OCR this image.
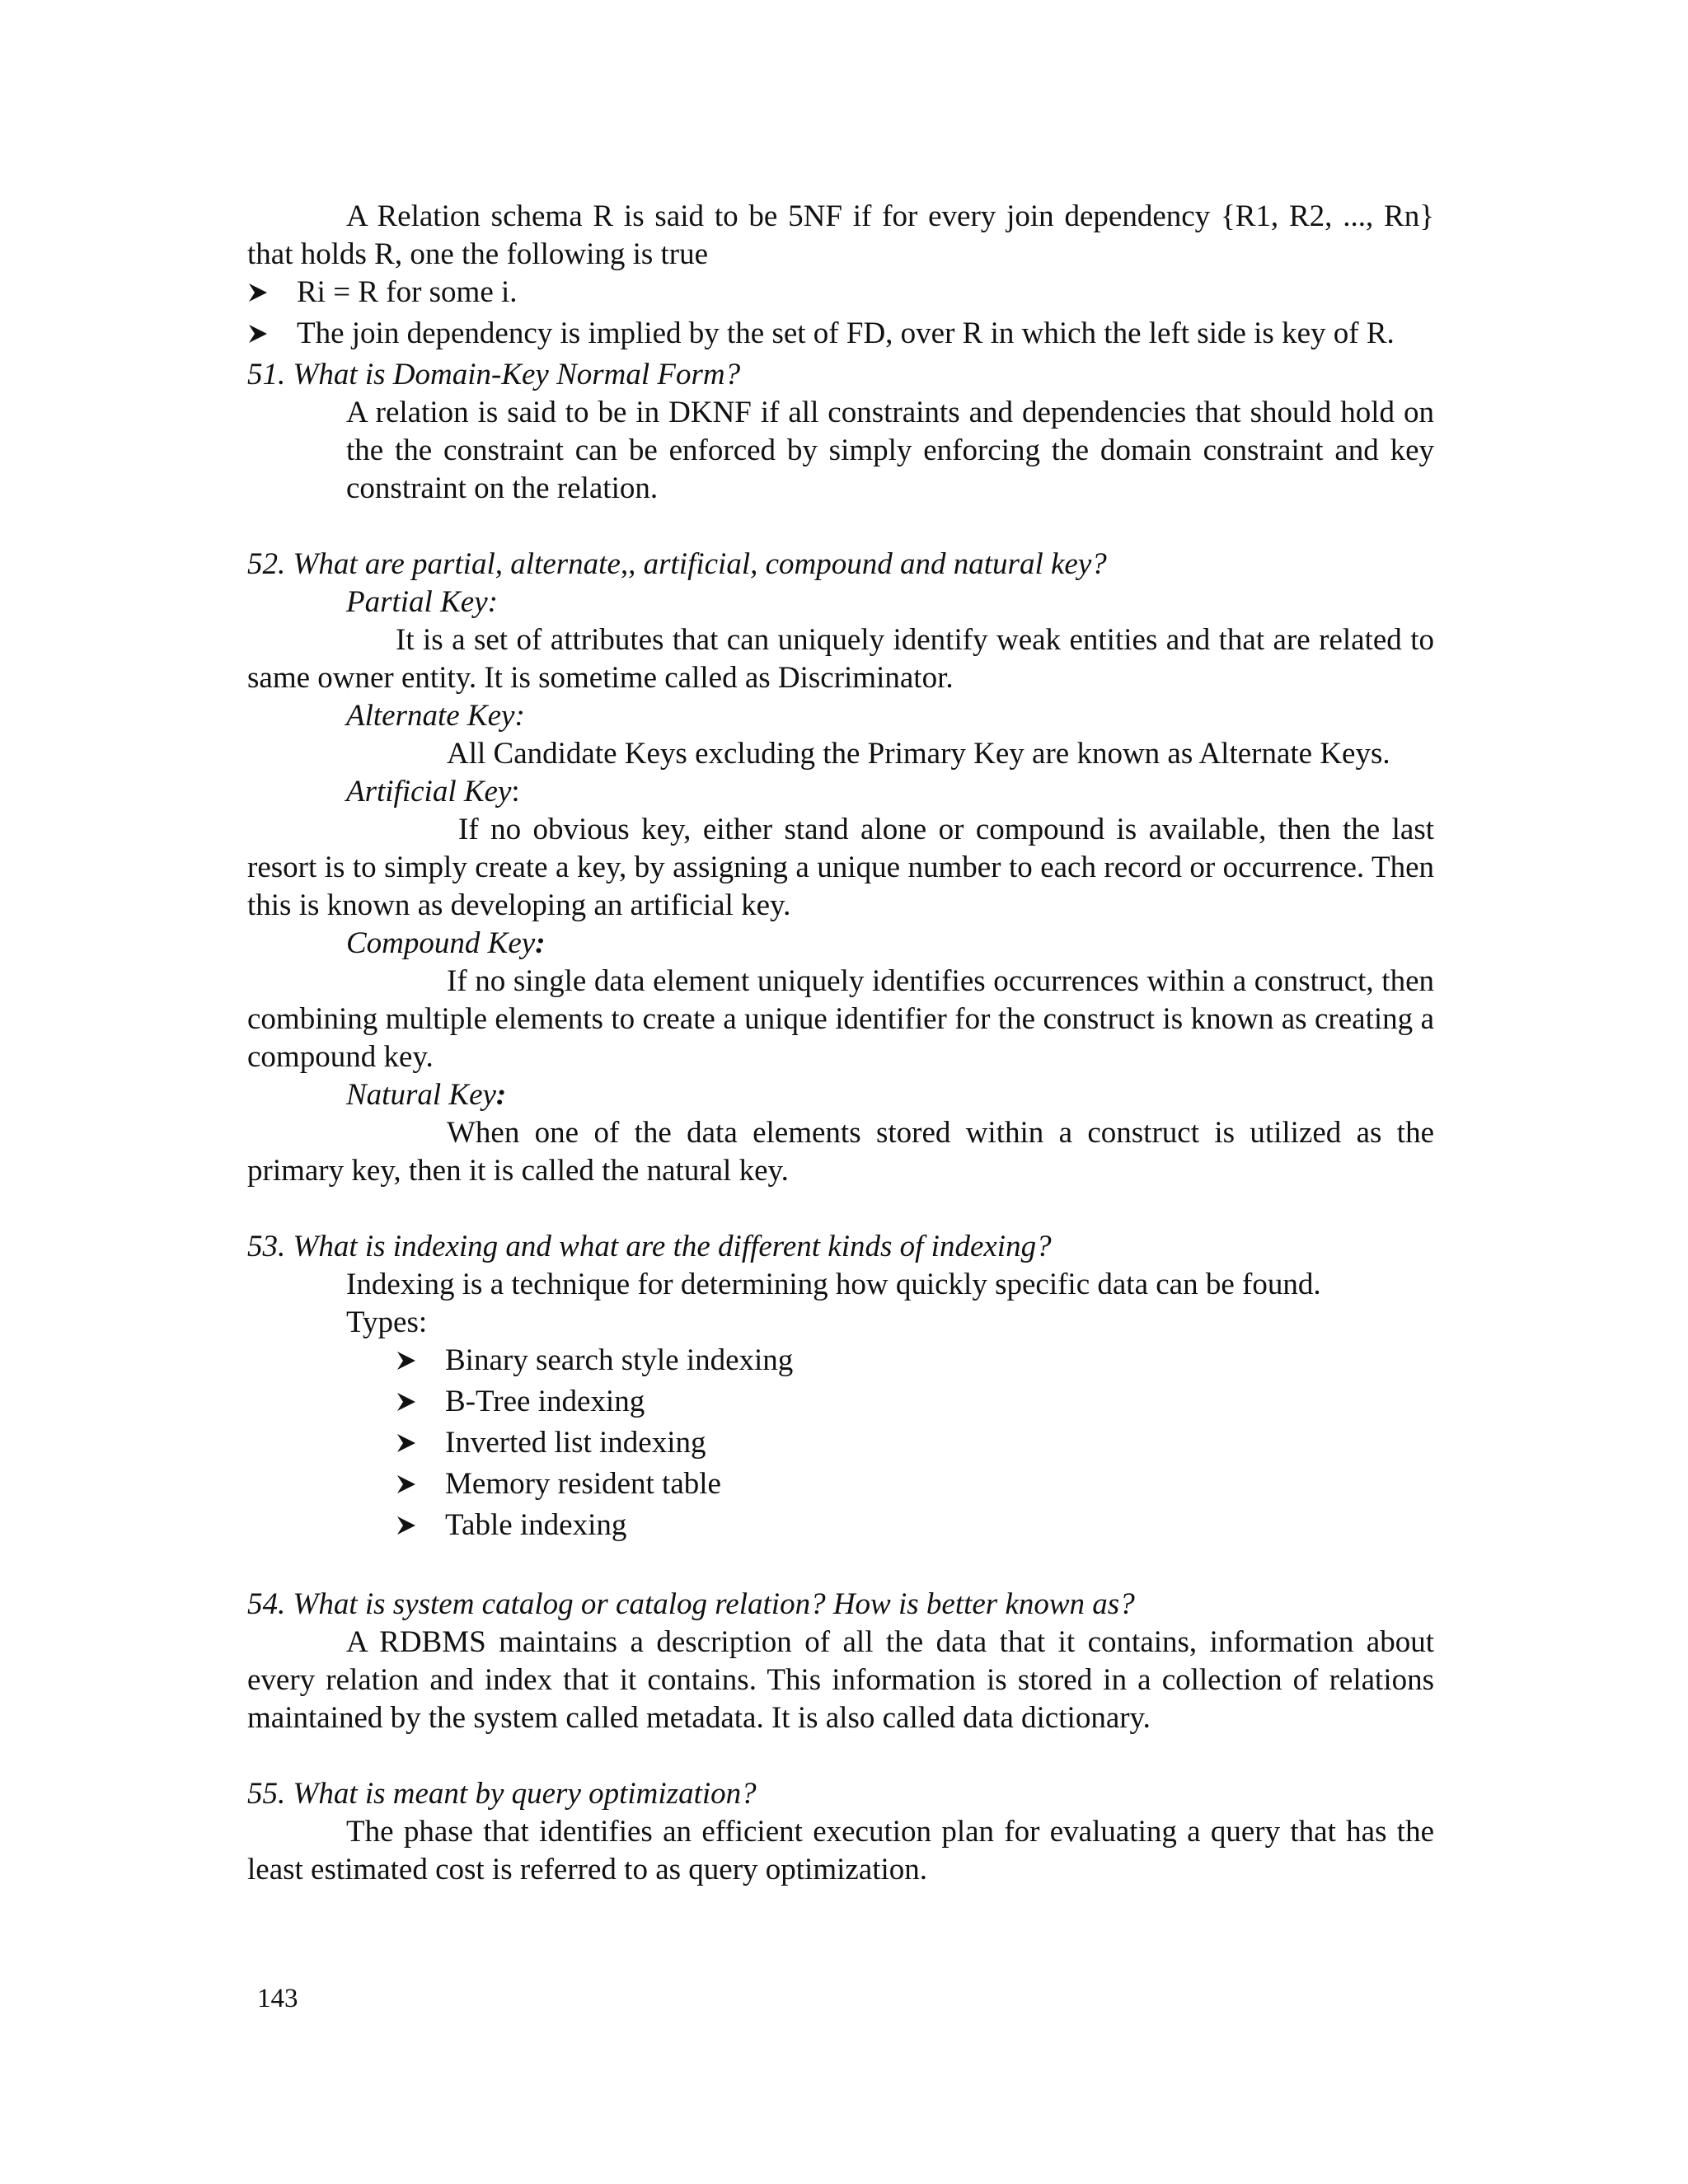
A Relation schema R is said to be 5NF if for every join dependency {R1, R2, ..., Rn} that holds R, one the following is true

Ri = R for some i.
The join dependency is implied by the set of FD, over R in which the left side is key of R.

51. What is Domain-Key Normal Form?

A relation is said to be in DKNF if all constraints and dependencies that should hold on the the constraint can be enforced by simply enforcing the domain constraint and key constraint on the relation.

52. What are partial, alternate,, artificial, compound and natural key?

Partial Key:

It is a set of attributes that can uniquely identify weak entities and that are related to same owner entity. It is sometime called as Discriminator.

Alternate Key:

All Candidate Keys excluding the Primary Key are known as Alternate Keys.

Artificial Key:

If no obvious key, either stand alone or compound is available, then the last resort is to simply create a key, by assigning a unique number to each record or occurrence. Then this is known as developing an artificial key.

Compound Key:

If no single data element uniquely identifies occurrences within a construct, then combining multiple elements to create a unique identifier for the construct is known as creating a compound key.

Natural Key:

When one of the data elements stored within a construct is utilized as the primary key, then it is called the natural key.

53. What is indexing and what are the different kinds of indexing?

Indexing is a technique for determining how quickly specific data can be found.

Types:

Binary search style indexing
B-Tree indexing
Inverted list indexing
Memory resident table
Table indexing

54. What is system catalog or catalog relation? How is better known as?

A RDBMS maintains a description of all the data that it contains, information about every relation and index that it contains. This information is stored in a collection of relations maintained by the system called metadata. It is also called data dictionary.

55. What is meant by query optimization?

The phase that identifies an efficient execution plan for evaluating a query that has the least estimated cost is referred to as query optimization.

143
